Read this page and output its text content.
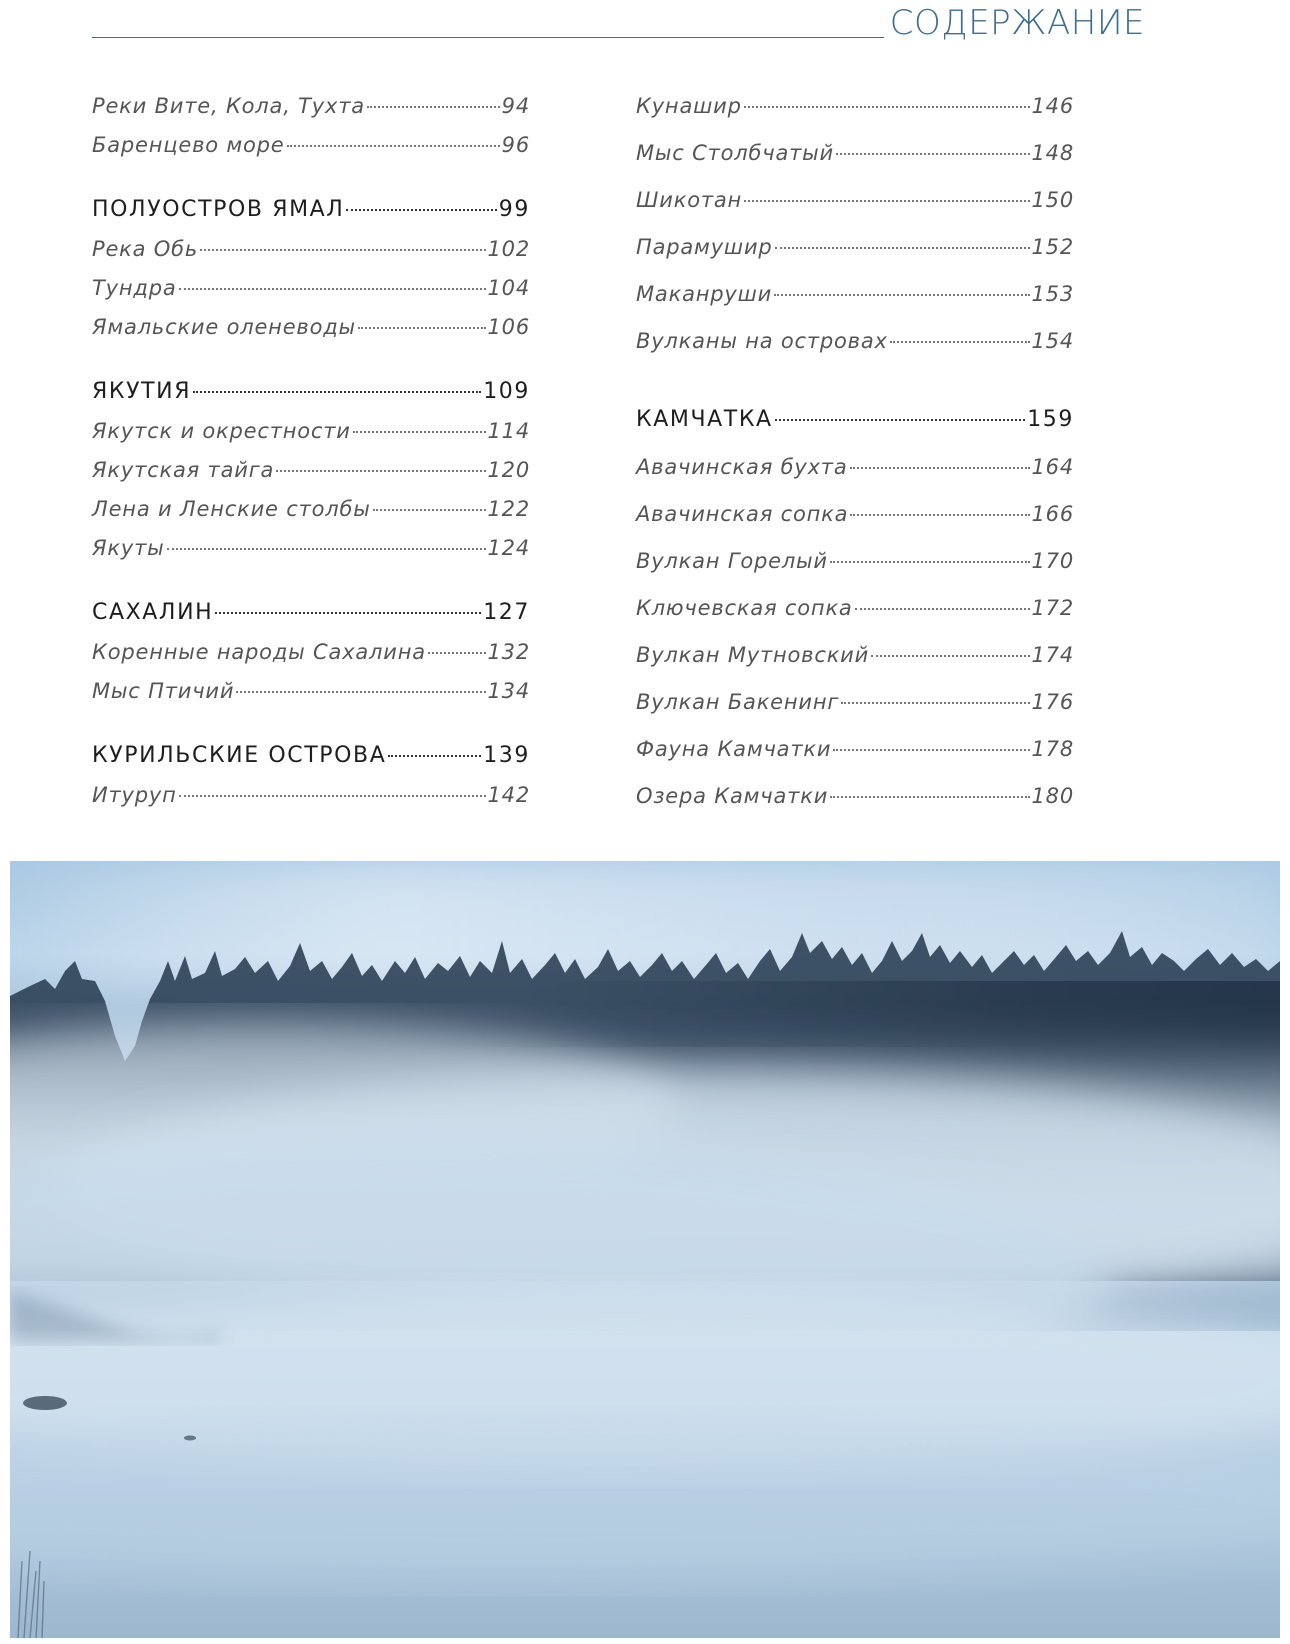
СОДЕРЖАНИЕ
Реки Вите, Кола, Тухта	94
Баренцево море	96
ПОЛУОСТРОВ ЯМАЛ	99
Река Обь	102
Тундра	104
Ямальские оленеводы	106
ЯКУТИЯ	109
Якутск и окрестности	114
Якутская тайга	120
Лена и Ленские столбы	122
Якуты	124
САХАЛИН	127
Коренные народы Сахалина	132
Мыс Птичий	134
КУРИЛЬСКИЕ ОСТРОВА	139
Итуруп	142
Кунашир	146
Мыс Столбчатый	148
Шикотан	150
Парамушир	152
Маканруши	153
Вулканы на островах	154
КАМЧАТКА	159
Авачинская бухта	164
Авачинская сопка	166
Вулкан Горелый	170
Ключевская сопка	172
Вулкан Мутновский	174
Вулкан Бакенинг	176
Фауна Камчатки	178
Озера Камчатки	180
